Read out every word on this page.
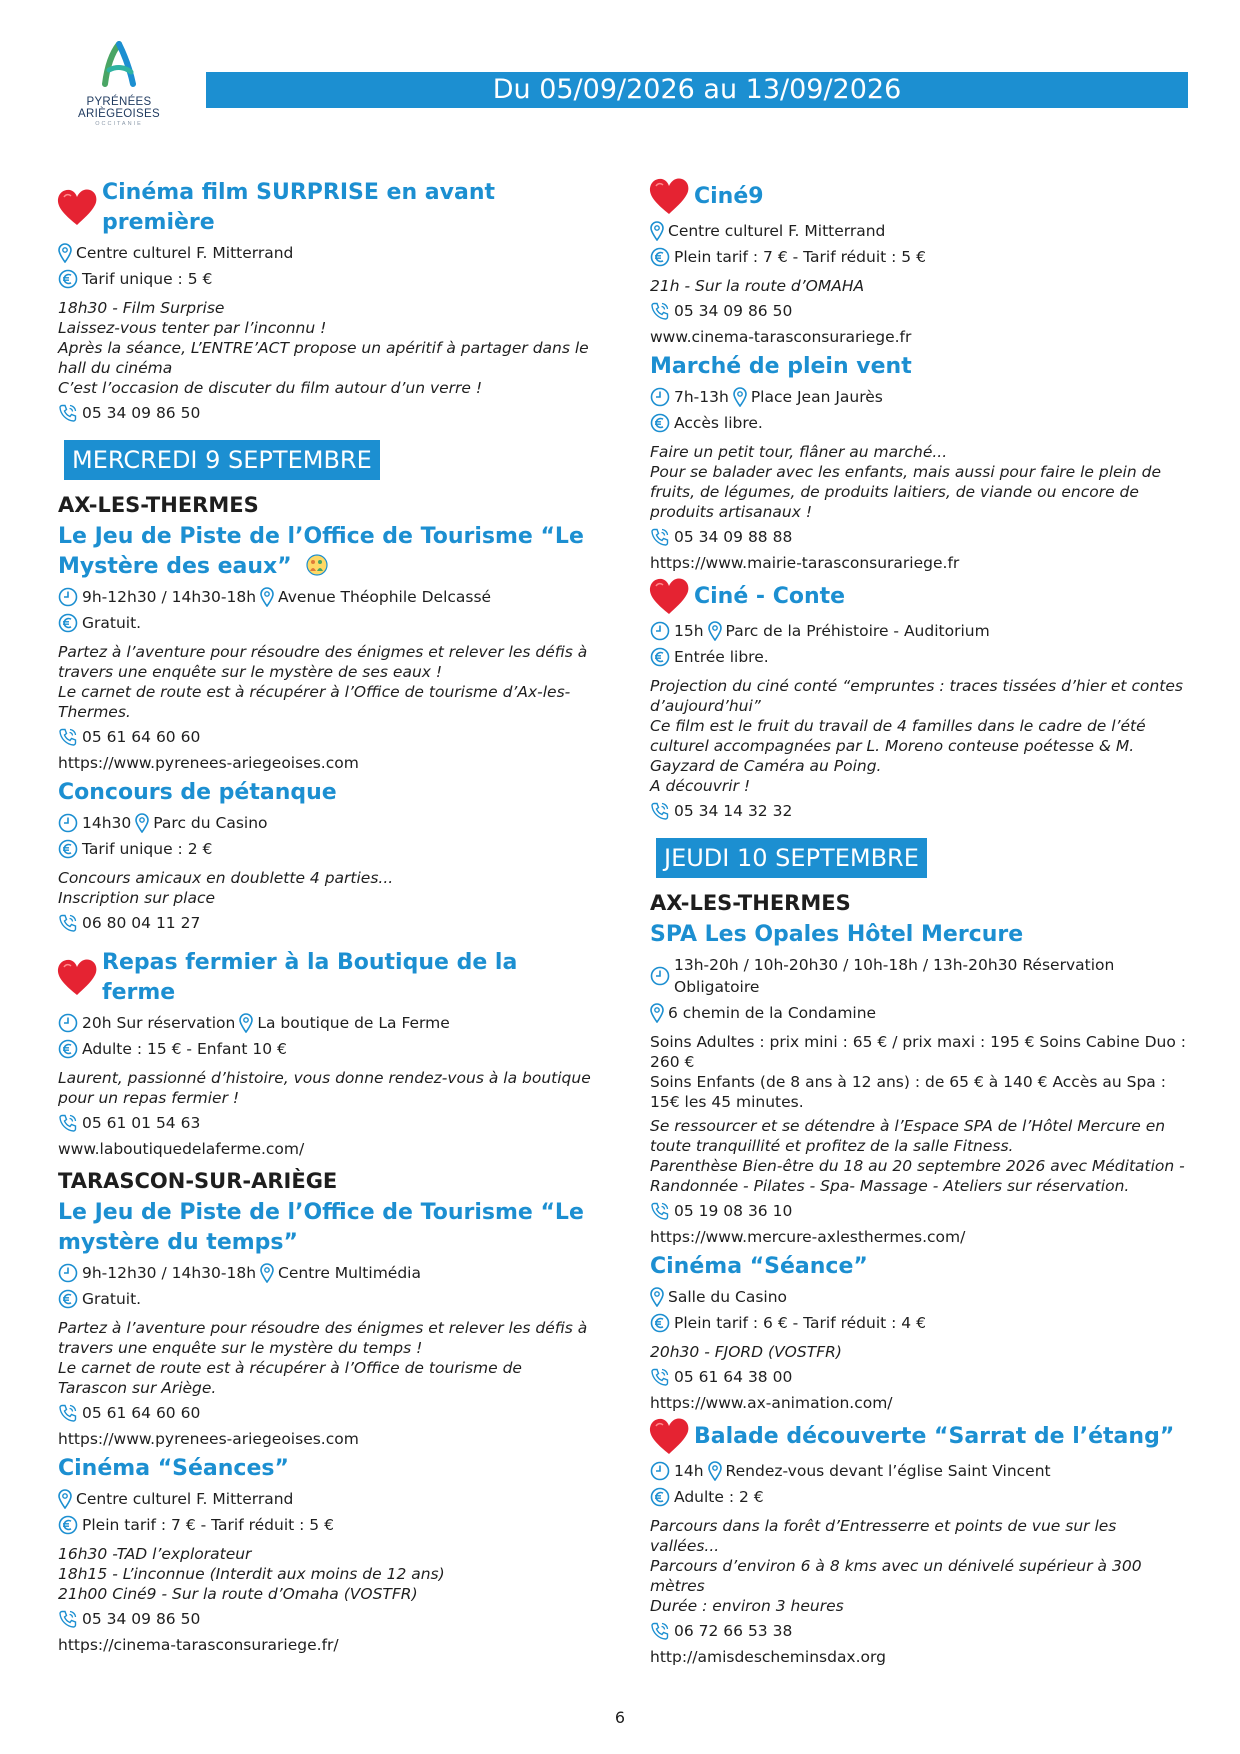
PYRÉNÉES
ARIÈGEOISES
OCCITANIE
Du 05/09/2026 au 13/09/2026
Cinéma film SURPRISE en avant première
Centre culturel F. Mitterrand
Tarif unique : 5 €
18h30 - Film Surprise
Laissez-vous tenter par l’inconnu !
Après la séance, L’ENTRE’ACT propose un apéritif à partager dans le hall du cinéma
C’est l’occasion de discuter du film autour d’un verre !
05 34 09 86 50
MERCREDI 9 SEPTEMBRE
AX-LES-THERMES
Le Jeu de Piste de l’Office de Tourisme “Le Mystère des eaux”
9h-12h30 / 14h30-18h Avenue Théophile Delcassé
Gratuit.
Partez à l’aventure pour résoudre des énigmes et relever les défis à travers une enquête sur le mystère de ses eaux !
Le carnet de route est à récupérer à l’Office de tourisme d’Ax-les-Thermes.
05 61 64 60 60
https://www.pyrenees-ariegeoises.com
Concours de pétanque
14h30 Parc du Casino
Tarif unique : 2 €
Concours amicaux en doublette 4 parties...
Inscription sur place
06 80 04 11 27
Repas fermier à la Boutique de la ferme
20h Sur réservation La boutique de La Ferme
Adulte : 15 € - Enfant 10 €
Laurent, passionné d’histoire, vous donne rendez-vous à la boutique pour un repas fermier !
05 61 01 54 63
www.laboutiquedelaferme.com/
TARASCON-SUR-ARIÈGE
Le Jeu de Piste de l’Office de Tourisme “Le mystère du temps”
9h-12h30 / 14h30-18h Centre Multimédia
Gratuit.
Partez à l’aventure pour résoudre des énigmes et relever les défis à travers une enquête sur le mystère du temps !
Le carnet de route est à récupérer à l’Office de tourisme de Tarascon sur Ariège.
05 61 64 60 60
https://www.pyrenees-ariegeoises.com
Cinéma “Séances”
Centre culturel F. Mitterrand
Plein tarif : 7 € - Tarif réduit : 5 €
16h30 -TAD l’explorateur
18h15 - L’inconnue (Interdit aux moins de 12 ans)
21h00 Ciné9 - Sur la route d’Omaha (VOSTFR)
05 34 09 86 50
https://cinema-tarasconsurariege.fr/
Ciné9
Centre culturel F. Mitterrand
Plein tarif : 7 € - Tarif réduit : 5 €
21h - Sur la route d’OMAHA
05 34 09 86 50
www.cinema-tarasconsurariege.fr
Marché de plein vent
7h-13h Place Jean Jaurès
Accès libre.
Faire un petit tour, flâner au marché...
Pour se balader avec les enfants, mais aussi pour faire le plein de fruits, de légumes, de produits laitiers, de viande ou encore de produits artisanaux !
05 34 09 88 88
https://www.mairie-tarasconsurariege.fr
Ciné - Conte
15h Parc de la Préhistoire - Auditorium
Entrée libre.
Projection du ciné conté “empruntes : traces tissées d’hier et contes d’aujourd’hui”
Ce film est le fruit du travail de 4 familles dans le cadre de l’été culturel accompagnées par L. Moreno conteuse poétesse & M. Gayzard de Caméra au Poing.
A découvrir !
05 34 14 32 32
JEUDI 10 SEPTEMBRE
AX-LES-THERMES
SPA Les Opales Hôtel Mercure
13h-20h / 10h-20h30 / 10h-18h / 13h-20h30 Réservation Obligatoire
6 chemin de la Condamine
Soins Adultes : prix mini : 65 € / prix maxi : 195 € Soins Cabine Duo : 260 €
Soins Enfants (de 8 ans à 12 ans) : de 65 € à 140 € Accès au Spa : 15€ les 45 minutes.
Se ressourcer et se détendre à l’Espace SPA de l’Hôtel Mercure en toute tranquillité et profitez de la salle Fitness.
Parenthèse Bien-être du 18 au 20 septembre 2026 avec Méditation - Randonnée - Pilates - Spa- Massage - Ateliers sur réservation.
05 19 08 36 10
https://www.mercure-axlesthermes.com/
Cinéma “Séance”
Salle du Casino
Plein tarif : 6 € - Tarif réduit : 4 €
20h30 - FJORD (VOSTFR)
05 61 64 38 00
https://www.ax-animation.com/
Balade découverte “Sarrat de l’étang”
14h Rendez-vous devant l’église Saint Vincent
Adulte : 2 €
Parcours dans la forêt d’Entresserre et points de vue sur les vallées...
Parcours d’environ 6 à 8 kms avec un dénivelé supérieur à 300 mètres
Durée : environ 3 heures
06 72 66 53 38
http://amisdescheminsdax.org
6
